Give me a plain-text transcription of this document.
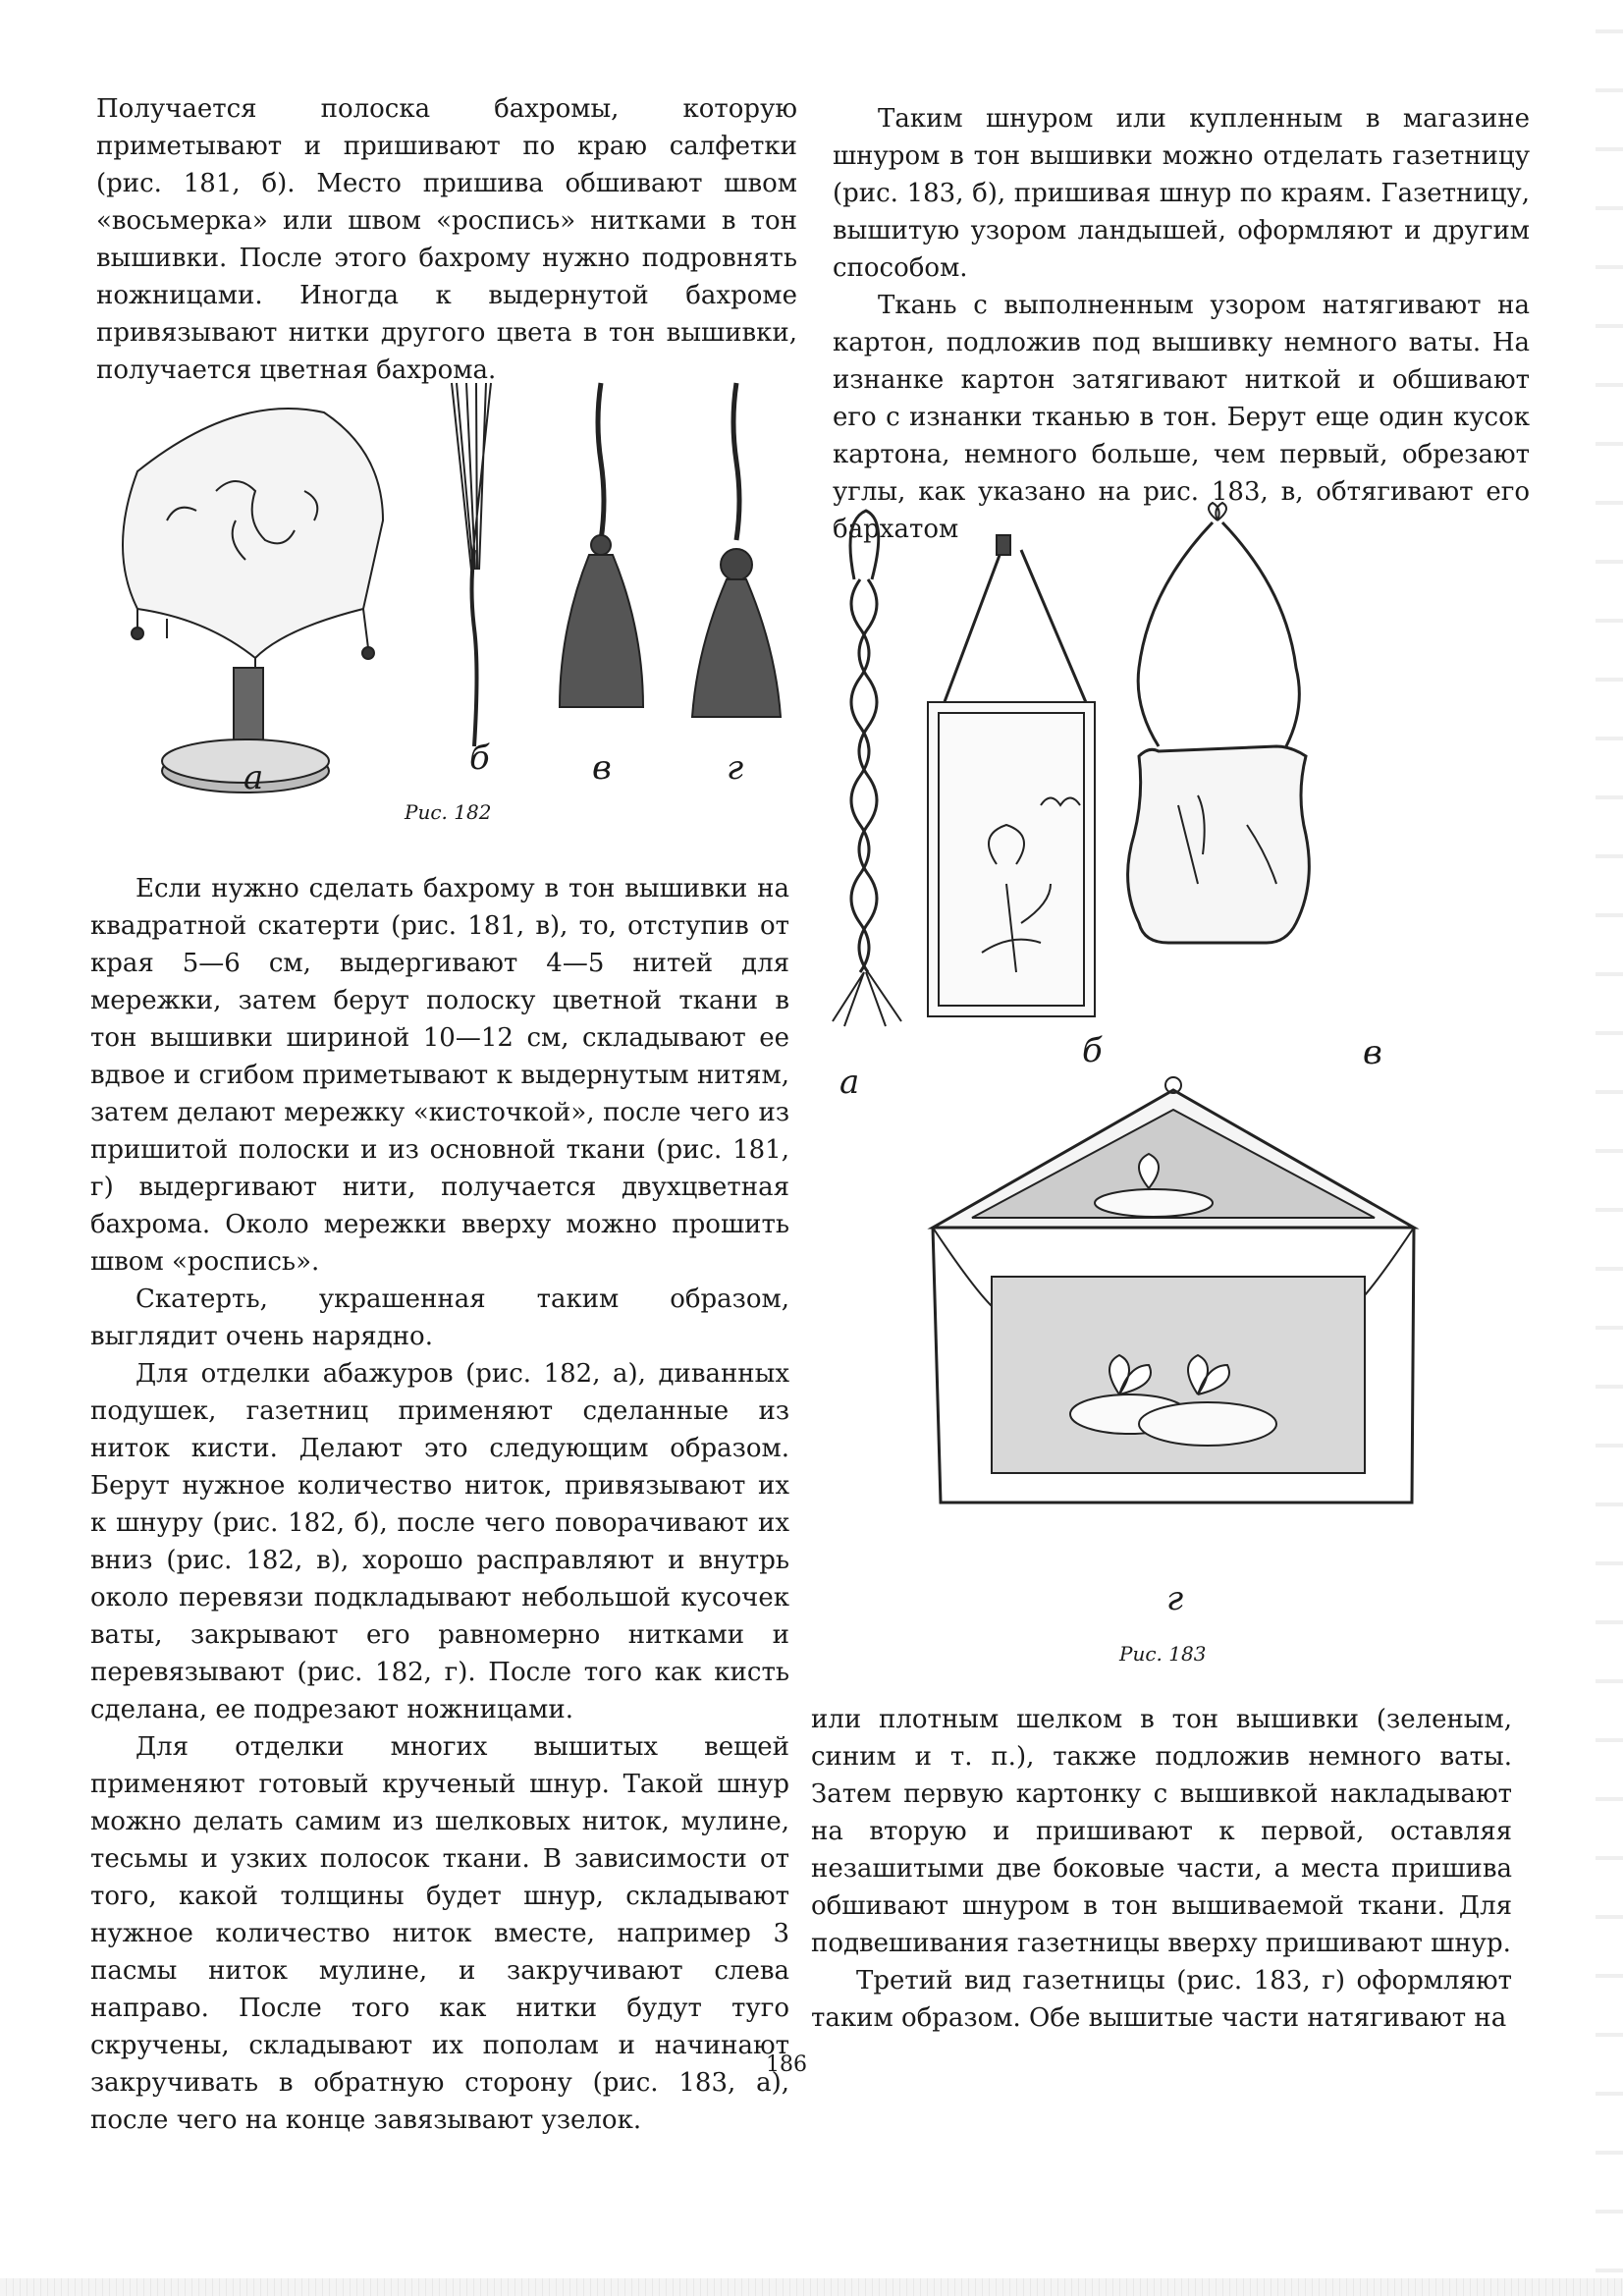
Получается полоска бахромы, которую приметывают и пришивают по краю салфетки (рис. 181, б). Место пришива обшивают швом «восьмерка» или швом «роспись» нитками в тон вышивки. После этого бахрому нужно подровнять ножницами. Иногда к выдернутой бахроме привязывают нитки другого цвета в тон вышивки, получается цветная бахрома.

а	б	в	г
Рис. 182

Если нужно сделать бахрому в тон вышивки на квадратной скатерти (рис. 181, в), то, отступив от края 5—6 см, выдергивают 4—5 нитей для мережки, затем берут полоску цветной ткани в тон вышивки шириной 10—12 см, складывают ее вдвое и сгибом приметывают к выдернутым нитям, затем делают мережку «кисточкой», после чего из пришитой полоски и из основной ткани (рис. 181, г) выдергивают нити, получается двухцветная бахрома. Около мережки вверху можно прошить швом «роспись».

Скатерть, украшенная таким образом, выглядит очень нарядно.

Для отделки абажуров (рис. 182, а), диванных подушек, газетниц применяют сделанные из ниток кисти. Делают это следующим образом. Берут нужное количество ниток, привязывают их к шнуру (рис. 182, б), после чего поворачивают их вниз (рис. 182, в), хорошо расправляют и внутрь около перевязи подкладывают небольшой кусочек ваты, закрывают его равномерно нитками и перевязывают (рис. 182, г). После того как кисть сделана, ее подрезают ножницами.

Для отделки многих вышитых вещей применяют готовый крученый шнур. Такой шнур можно делать самим из шелковых ниток, мулине, тесьмы и узких полосок ткани. В зависимости от того, какой толщины будет шнур, складывают нужное количество ниток вместе, например 3 пасмы ниток мулине, и закручивают слева направо. После того как нитки будут туго скручены, складывают их пополам и начинают закручивать в обратную сторону (рис. 183, а), после чего на конце завязывают узелок.

Таким шнуром или купленным в магазине шнуром в тон вышивки можно отделать газетницу (рис. 183, б), пришивая шнур по краям. Газетницу, вышитую узором ландышей, оформляют и другим способом.

Ткань с выполненным узором натягивают на картон, подложив под вышивку немного ваты. На изнанке картон затягивают ниткой и обшивают его с изнанки тканью в тон. Берут еще один кусок картона, немного больше, чем первый, обрезают углы, как указано на рис. 183, в, обтягивают его бархатом

а
б	в
г
Рис. 183

или плотным шелком в тон вышивки (зеленым, синим и т. п.), также подложив немного ваты. Затем первую картонку с вышивкой накладывают на вторую и пришивают к первой, оставляя незашитыми две боковые части, а места пришива обшивают шнуром в тон вышиваемой ткани. Для подвешивания газетницы вверху пришивают шнур.

Третий вид газетницы (рис. 183, г) оформляют таким образом. Обе вышитые части натягивают на

186
